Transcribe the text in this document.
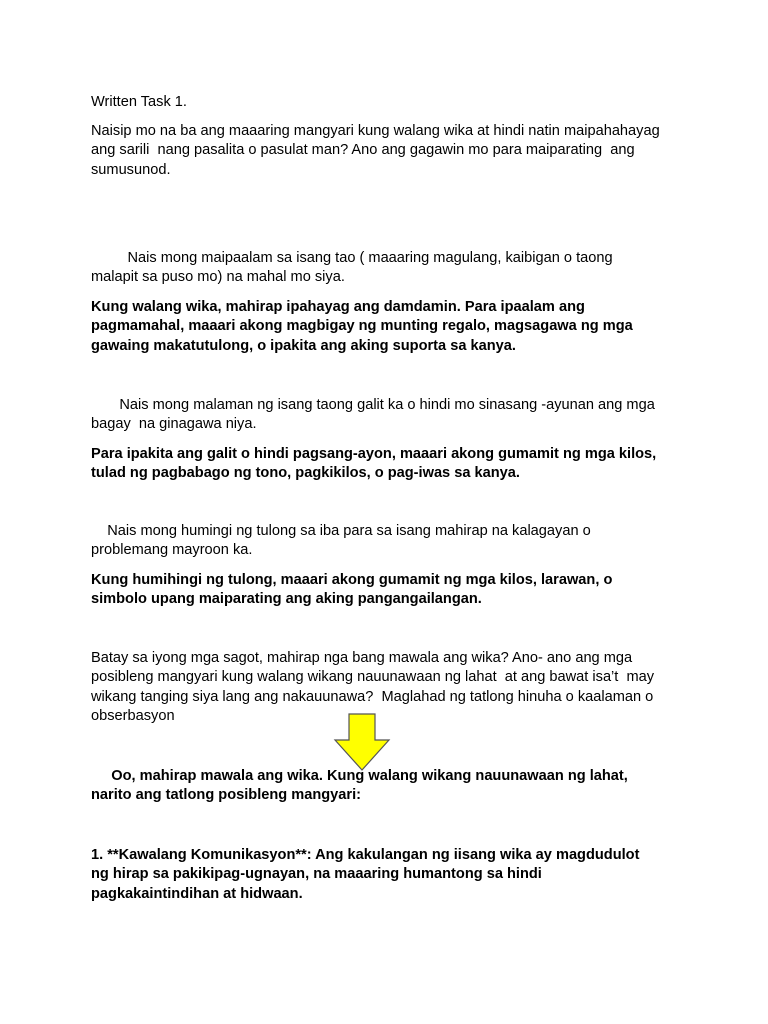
Written Task 1.

Naisip mo na ba ang maaaring mangyari kung walang wika at hindi natin maipahahayag
ang sarili  nang pasalita o pasulat man? Ano ang gagawin mo para maiparating  ang
sumusunod.

Nais mong maipaalam sa isang tao ( maaaring magulang, kaibigan o taong
malapit sa puso mo) na mahal mo siya.

Kung walang wika, mahirap ipahayag ang damdamin. Para ipaalam ang
pagmamahal, maaari akong magbigay ng munting regalo, magsagawa ng mga
gawaing makatutulong, o ipakita ang aking suporta sa kanya.

Nais mong malaman ng isang taong galit ka o hindi mo sinasang -ayunan ang mga
bagay  na ginagawa niya.

Para ipakita ang galit o hindi pagsang-ayon, maaari akong gumamit ng mga kilos,
tulad ng pagbabago ng tono, pagkikilos, o pag-iwas sa kanya.

Nais mong humingi ng tulong sa iba para sa isang mahirap na kalagayan o
problemang mayroon ka.

Kung humihingi ng tulong, maaari akong gumamit ng mga kilos, larawan, o
simbolo upang maiparating ang aking pangangailangan.

Batay sa iyong mga sagot, mahirap nga bang mawala ang wika? Ano- ano ang mga
posibleng mangyari kung walang wikang nauunawaan ng lahat  at ang bawat isa’t  may
wikang tanging siya lang ang nakauunawa?  Maglahad ng tatlong hinuha o kaalaman o
obserbasyon

Oo, mahirap mawala ang wika. Kung walang wikang nauunawaan ng lahat,
narito ang tatlong posibleng mangyari:

1. **Kawalang Komunikasyon**: Ang kakulangan ng iisang wika ay magdudulot
ng hirap sa pakikipag-ugnayan, na maaaring humantong sa hindi
pagkakaintindihan at hidwaan.
